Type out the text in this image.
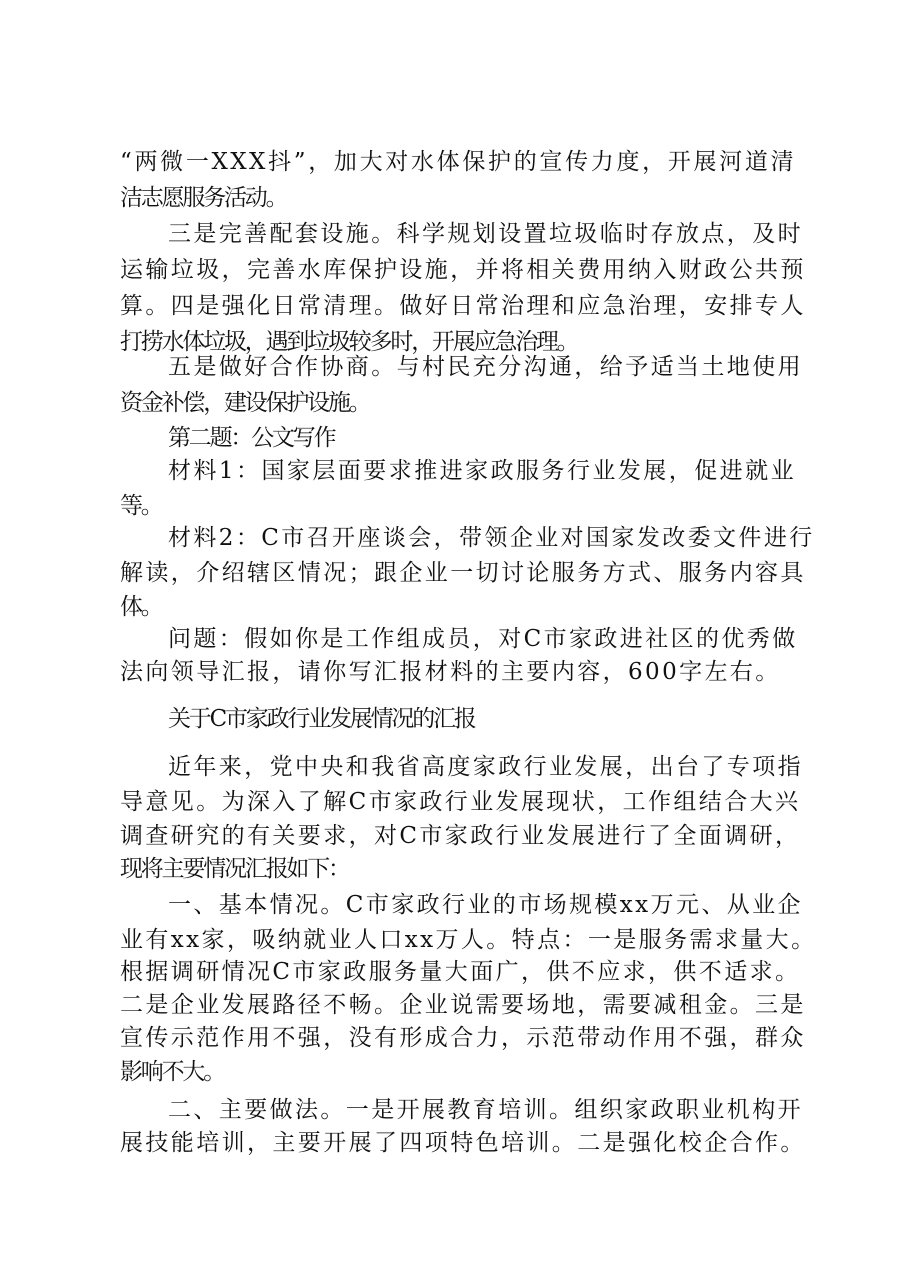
“两微一XXX抖”，加大对水体保护的宣传力度，开展河道清
洁志愿服务活动。
三是完善配套设施。科学规划设置垃圾临时存放点，及时
运输垃圾，完善水库保护设施，并将相关费用纳入财政公共预
算。四是强化日常清理。做好日常治理和应急治理，安排专人
打捞水体垃圾，遇到垃圾较多时，开展应急治理。
五是做好合作协商。与村民充分沟通，给予适当土地使用
资金补偿，建设保护设施。
第二题：公文写作
材料1：国家层面要求推进家政服务行业发展，促进就业
等。
材料2：C市召开座谈会，带领企业对国家发改委文件进行
解读，介绍辖区情况；跟企业一切讨论服务方式、服务内容具
体。
问题：假如你是工作组成员，对C市家政进社区的优秀做
法向领导汇报，请你写汇报材料的主要内容，600字左右。
关于C市家政行业发展情况的汇报
近年来，党中央和我省高度家政行业发展，出台了专项指
导意见。为深入了解C市家政行业发展现状，工作组结合大兴
调查研究的有关要求，对C市家政行业发展进行了全面调研，
现将主要情况汇报如下：
一、基本情况。C市家政行业的市场规模xx万元、从业企
业有xx家，吸纳就业人口xx万人。特点：一是服务需求量大。
根据调研情况C市家政服务量大面广，供不应求，供不适求。
二是企业发展路径不畅。企业说需要场地，需要减租金。三是
宣传示范作用不强，没有形成合力，示范带动作用不强，群众
影响不大。
二、主要做法。一是开展教育培训。组织家政职业机构开
展技能培训，主要开展了四项特色培训。二是强化校企合作。
